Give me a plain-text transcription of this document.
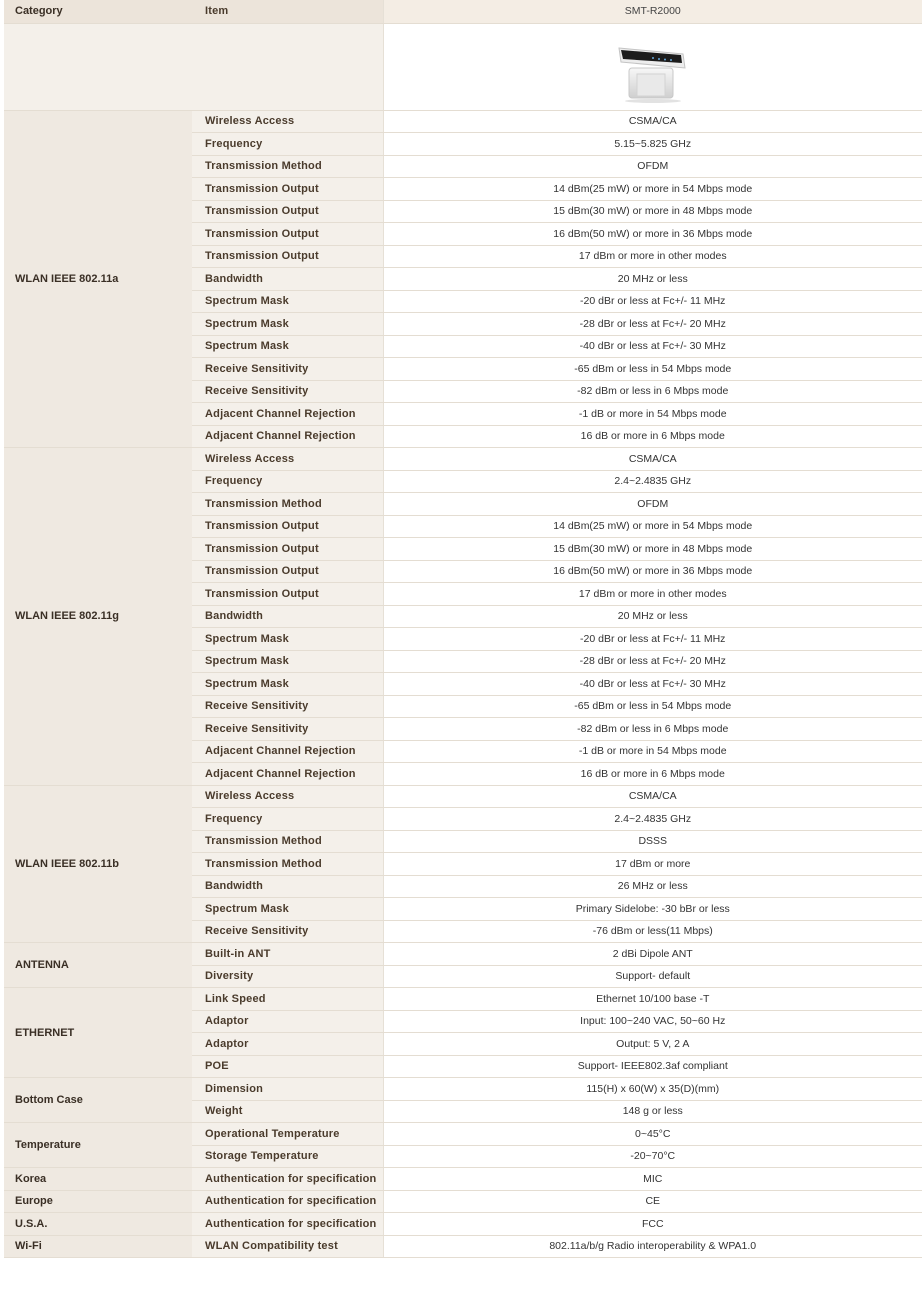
Category	Item	SMT-R2000

WLAN IEEE 802.11a	Wireless Access	CSMA/CA
	Frequency	5.15~5.825 GHz
	Transmission Method	OFDM
	Transmission Output	14 dBm(25 mW) or more in 54 Mbps mode
	Transmission Output	15 dBm(30 mW) or more in 48 Mbps mode
	Transmission Output	16 dBm(50 mW) or more in 36 Mbps mode
	Transmission Output	17 dBm or more in other modes
	Bandwidth	20 MHz or less
	Spectrum Mask	-20 dBr or less at Fc+/- 11 MHz
	Spectrum Mask	-28 dBr or less at Fc+/- 20 MHz
	Spectrum Mask	-40 dBr or less at Fc+/- 30 MHz
	Receive Sensitivity	-65 dBm or less in 54 Mbps mode
	Receive Sensitivity	-82 dBm or less in 6 Mbps mode
	Adjacent Channel Rejection	-1 dB or more in 54 Mbps mode
	Adjacent Channel Rejection	16 dB or more in 6 Mbps mode
WLAN IEEE 802.11g	Wireless Access	CSMA/CA
	Frequency	2.4~2.4835 GHz
	Transmission Method	OFDM
	Transmission Output	14 dBm(25 mW) or more in 54 Mbps mode
	Transmission Output	15 dBm(30 mW) or more in 48 Mbps mode
	Transmission Output	16 dBm(50 mW) or more in 36 Mbps mode
	Transmission Output	17 dBm or more in other modes
	Bandwidth	20 MHz or less
	Spectrum Mask	-20 dBr or less at Fc+/- 11 MHz
	Spectrum Mask	-28 dBr or less at Fc+/- 20 MHz
	Spectrum Mask	-40 dBr or less at Fc+/- 30 MHz
	Receive Sensitivity	-65 dBm or less in 54 Mbps mode
	Receive Sensitivity	-82 dBm or less in 6 Mbps mode
	Adjacent Channel Rejection	-1 dB or more in 54 Mbps mode
	Adjacent Channel Rejection	16 dB or more in 6 Mbps mode
WLAN IEEE 802.11b	Wireless Access	CSMA/CA
	Frequency	2.4~2.4835 GHz
	Transmission Method	DSSS
	Transmission Method	17 dBm or more
	Bandwidth	26 MHz or less
	Spectrum Mask	Primary Sidelobe: -30 bBr or less
	Receive Sensitivity	-76 dBm or less(11 Mbps)
ANTENNA	Built-in ANT	2 dBi Dipole ANT
	Diversity	Support- default
ETHERNET	Link Speed	Ethernet 10/100 base -T
	Adaptor	Input: 100~240 VAC, 50~60 Hz
	Adaptor	Output: 5 V, 2 A
	POE	Support- IEEE802.3af compliant
Bottom Case	Dimension	115(H) x 60(W) x 35(D)(mm)
	Weight	148 g or less
Temperature	Operational Temperature	0~45°C
	Storage Temperature	-20~70°C
Korea	Authentication for specification	MIC
Europe	Authentication for specification	CE
U.S.A.	Authentication for specification	FCC
Wi-Fi	WLAN Compatibility test	802.11a/b/g Radio interoperability & WPA1.0
